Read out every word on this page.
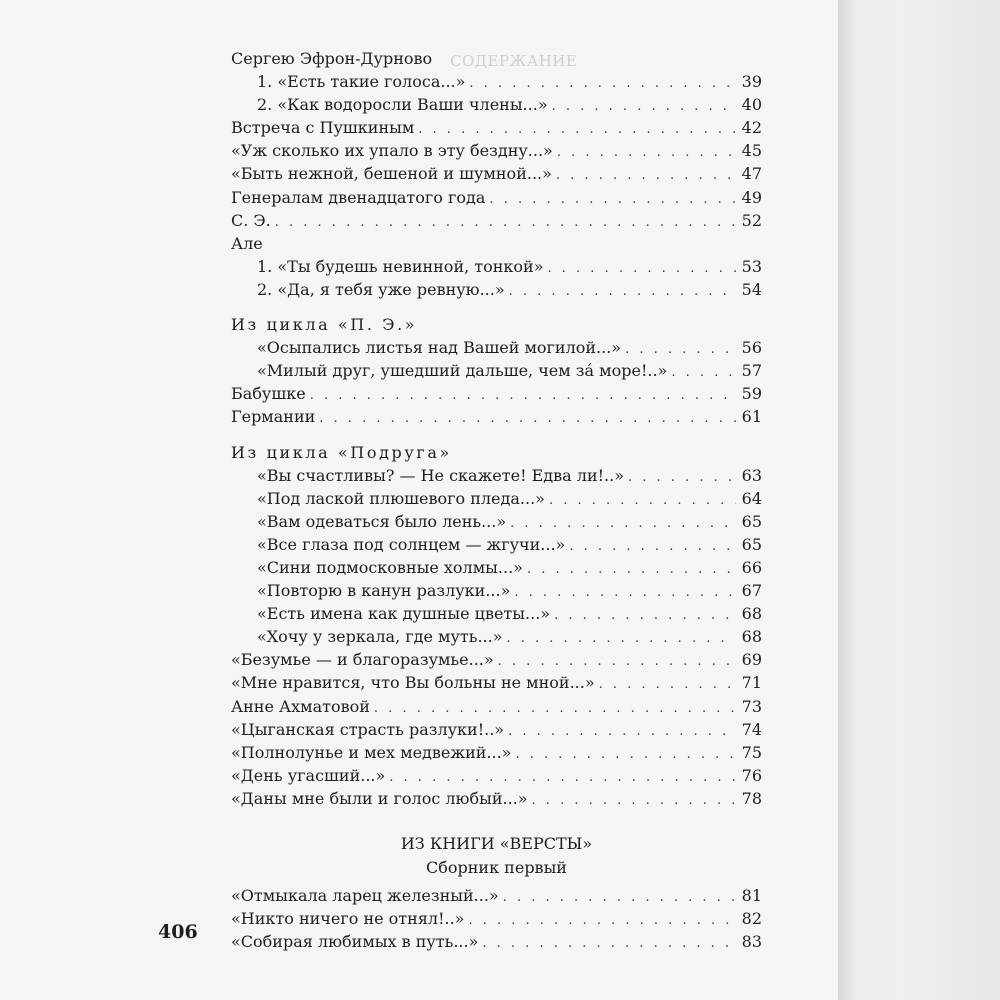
СОДЕРЖАНИЕ
Сергею Эфрон-Дурново
1. «Есть такие голоса...» . . .	39
2. «Как водоросли Ваши члены...» . . .	40
Встреча с Пушкиным . . .	42
«Уж сколько их упало в эту бездну...» . . .	45
«Быть нежной, бешеной и шумной...» . . .	47
Генералам двенадцатого года . . .	49
С. Э. . . .	52
Але
1. «Ты будешь невинной, тонкой» . . .	53
2. «Да, я тебя уже ревную...» . . .	54
Из цикла «П. Э.»
«Осыпались листья над Вашей могилой...» . . .	56
«Милый друг, ушедший дальше, чем за́ море!..» . . .	57
Бабушке . . .	59
Германии . . .	61
Из цикла «Подруга»
«Вы счастливы? — Не скажете! Едва ли!..» . . .	63
«Под лаской плюшевого пледа...» . . .	64
«Вам одеваться было лень...» . . .	65
«Все глаза под солнцем — жгучи...» . . .	65
«Сини подмосковные холмы...» . . .	66
«Повторю в канун разлуки...» . . .	67
«Есть имена как душные цветы...» . . .	68
«Хочу у зеркала, где муть...» . . .	68
«Безумье — и благоразумье...» . . .	69
«Мне нравится, что Вы больны не мной...» . . .	71
Анне Ахматовой . . .	73
«Цыганская страсть разлуки!..» . . .	74
«Полнолунье и мех медвежий...» . . .	75
«День угасший...» . . .	76
«Даны мне были и голос любый...» . . .	78
ИЗ КНИГИ «ВЕРСТЫ»
Сборник первый
«Отмыкала ларец железный...» . . .	81
«Никто ничего не отнял!..» . . .	82
«Собирая любимых в путь...» . . .	83
406
